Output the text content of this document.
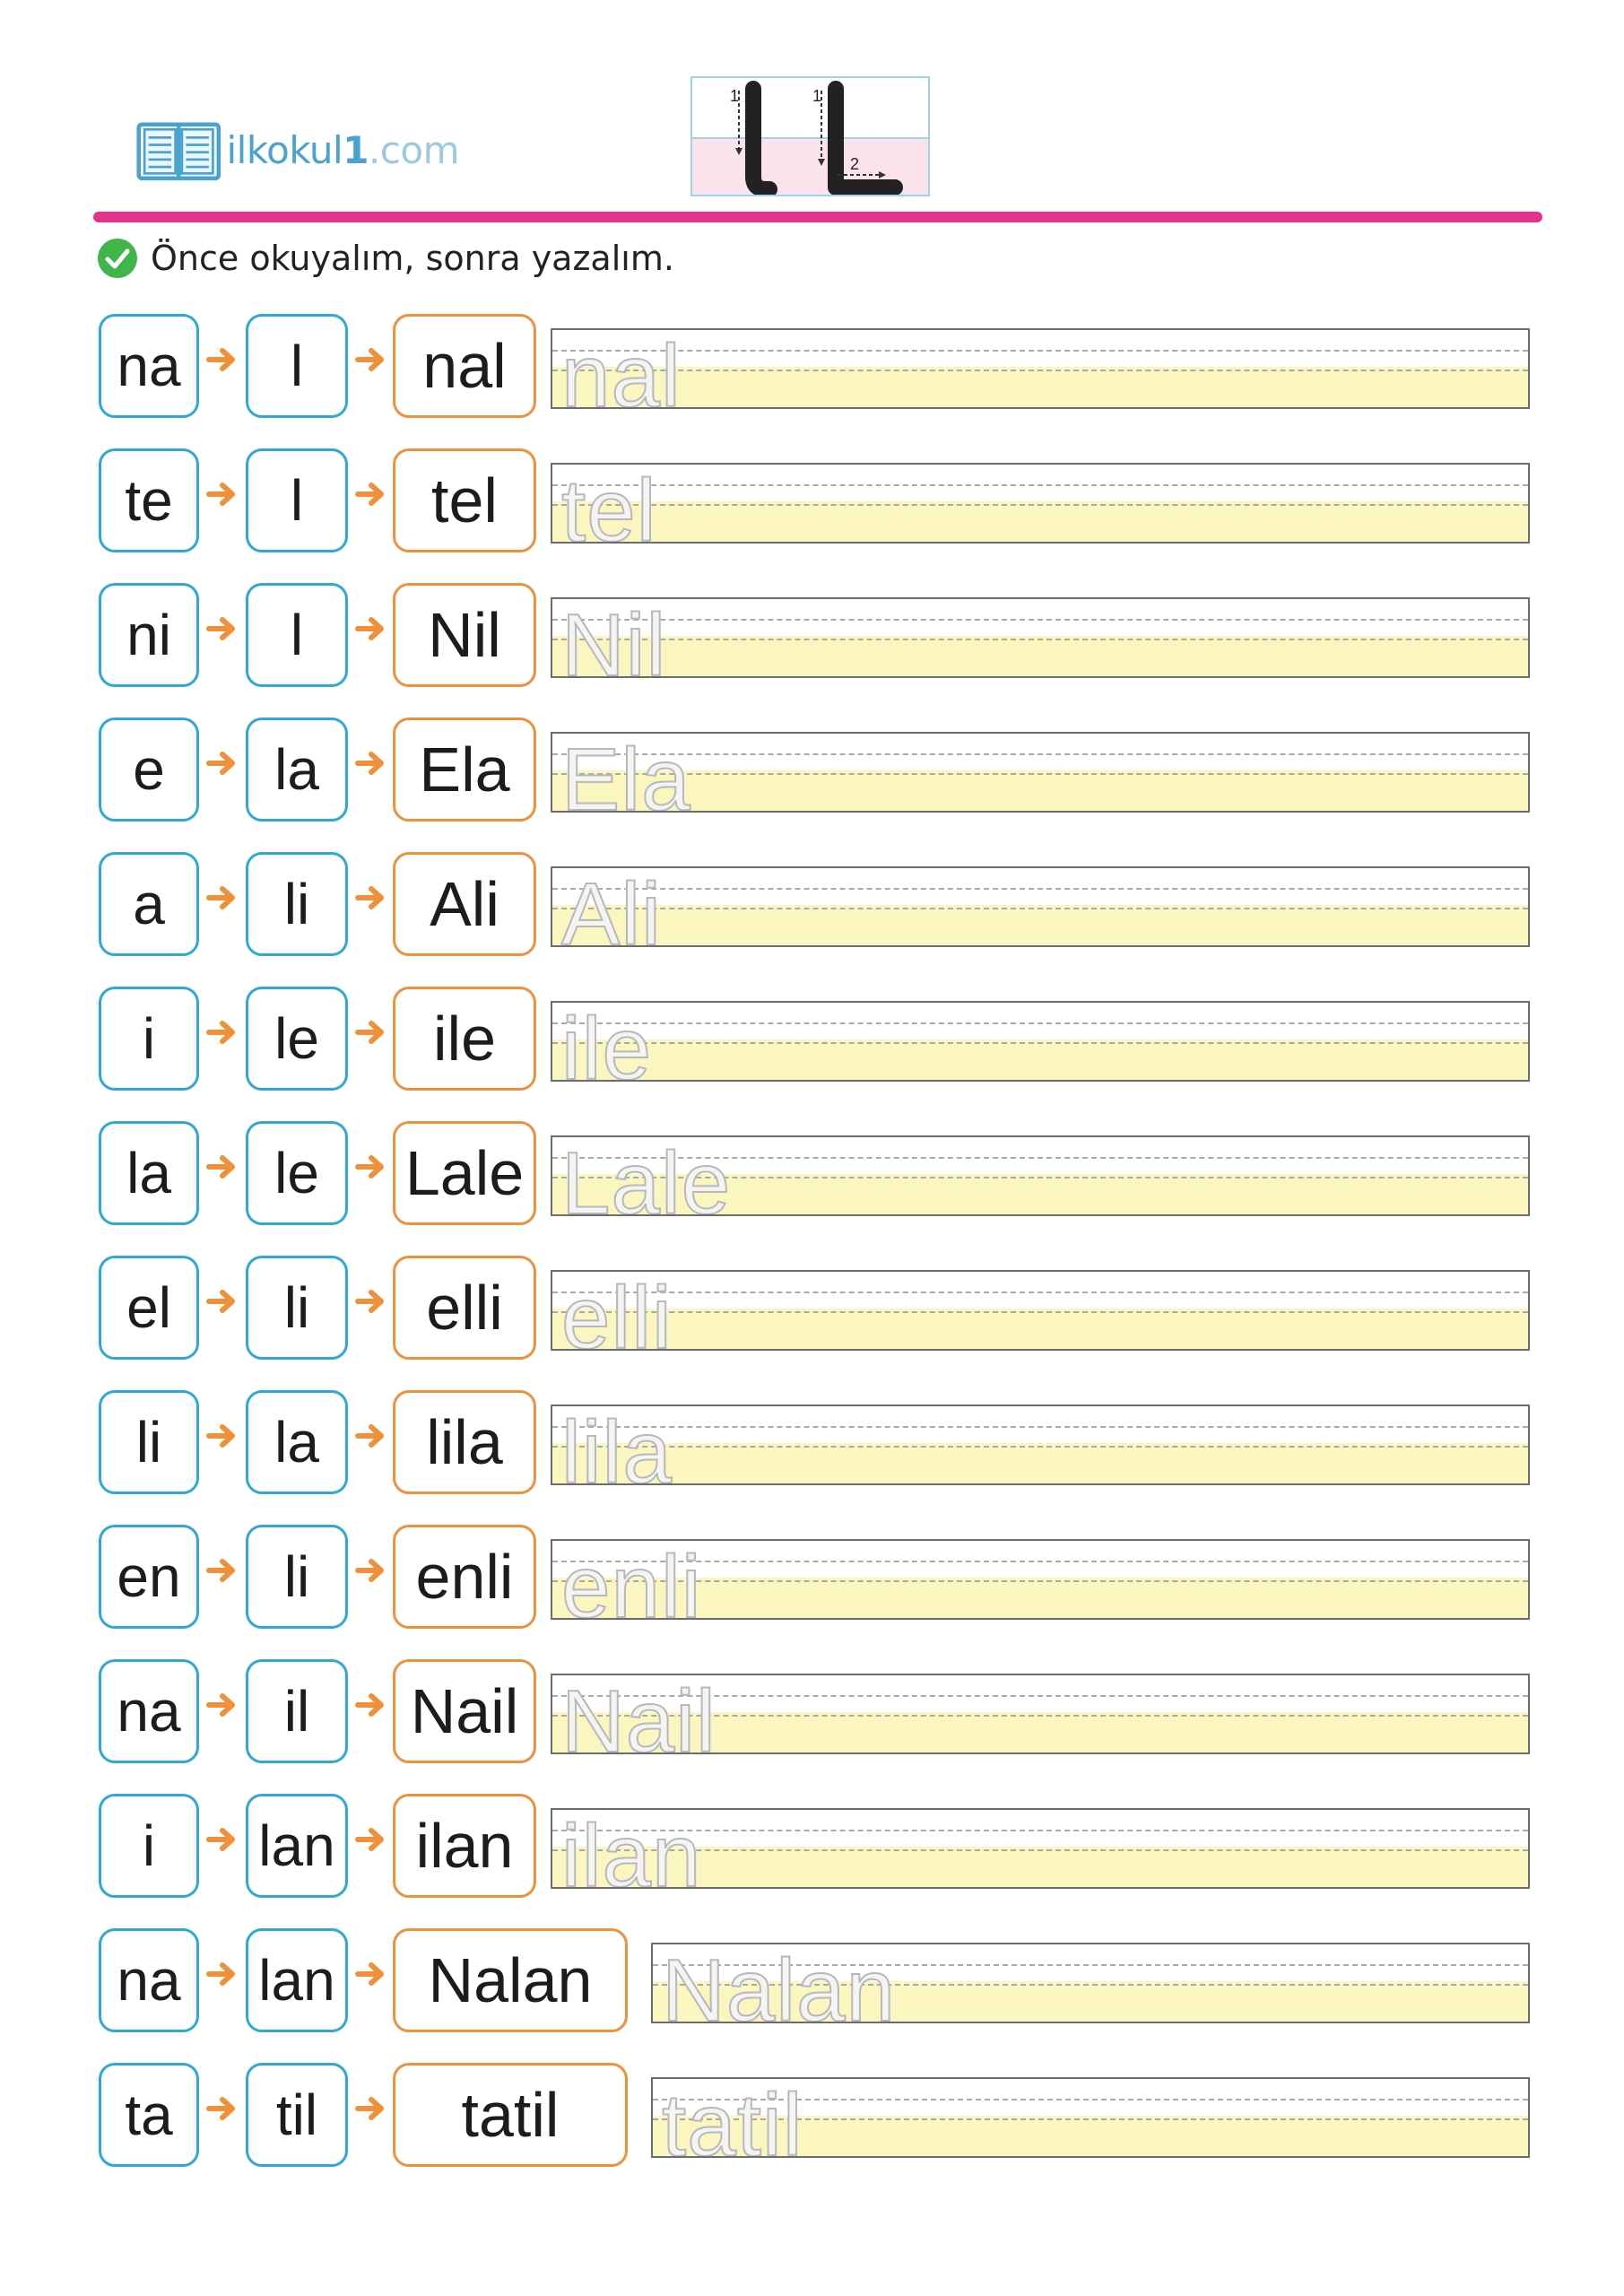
ilkokul1.com
1	1
2
Önce okuyalım, sonra yazalım.
na	l	nal nal
te	l	tel tel
ni	l	Nil Nil
e	la	Ela Ela
a	li	Ali Ali
i	le	ile ile
la	le	Lale Lale
el	li	elli elli
li	la	lila lila
en	li	enli enli
na	il	Nail Nail
i	lan	ilan ilan
na	lan	Nalan Nalan
ta	til	tatil	tatil
